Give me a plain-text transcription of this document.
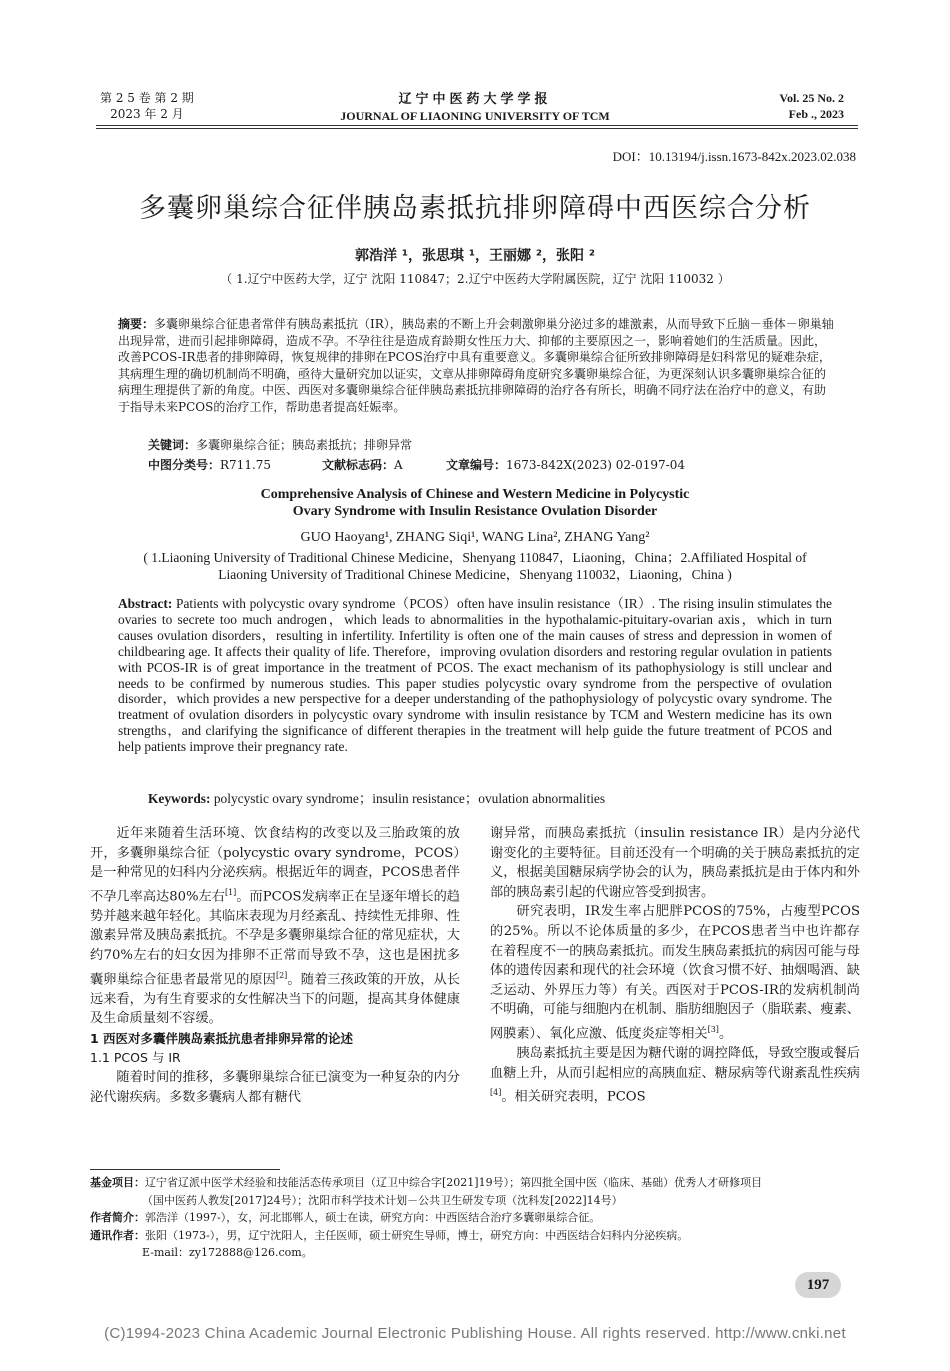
第 2 5 卷 第 2 期
2023 年 2 月
辽宁中医药大学学报
JOURNAL OF LIAONING UNIVERSITY OF TCM
Vol. 25 No. 2
Feb ., 2023
DOI：10.13194/j.issn.1673-842x.2023.02.038
多囊卵巢综合征伴胰岛素抵抗排卵障碍中西医综合分析
郭浩洋 ¹，张思琪 ¹，王丽娜 ²，张阳 ²
（ 1.辽宁中医药大学，辽宁 沈阳 110847；2.辽宁中医药大学附属医院，辽宁 沈阳 110032 ）
摘要：多囊卵巢综合征患者常伴有胰岛素抵抗（IR），胰岛素的不断上升会刺激卵巢分泌过多的雄激素，从而导致下丘脑－垂体－卵巢轴出现异常，进而引起排卵障碍，造成不孕。不孕往往是造成育龄期女性压力大、抑郁的主要原因之一，影响着她们的生活质量。因此，改善PCOS-IR患者的排卵障碍，恢复规律的排卵在PCOS治疗中具有重要意义。多囊卵巢综合征所致排卵障碍是妇科常见的疑难杂症，其病理生理的确切机制尚不明确，亟待大量研究加以证实，文章从排卵障碍角度研究多囊卵巢综合征，为更深刻认识多囊卵巢综合征的病理生理提供了新的角度。中医、西医对多囊卵巢综合征伴胰岛素抵抗排卵障碍的治疗各有所长，明确不同疗法在治疗中的意义，有助于指导未来PCOS的治疗工作，帮助患者提高妊娠率。
关键词：多囊卵巢综合征；胰岛素抵抗；排卵异常
中图分类号：R711.75	文献标志码：A	文章编号：1673-842X(2023) 02-0197-04
Comprehensive Analysis of Chinese and Western Medicine in Polycystic
Ovary Syndrome with Insulin Resistance Ovulation Disorder
GUO Haoyang¹, ZHANG Siqi¹, WANG Lina², ZHANG Yang²
( 1.Liaoning University of Traditional Chinese Medicine，Shenyang 110847，Liaoning，China；2.Affiliated Hospital of Liaoning University of Traditional Chinese Medicine，Shenyang 110032，Liaoning，China )
Abstract: Patients with polycystic ovary syndrome（PCOS）often have insulin resistance（IR）. The rising insulin stimulates the ovaries to secrete too much androgen，which leads to abnormalities in the hypothalamic-pituitary-ovarian axis，which in turn causes ovulation disorders，resulting in infertility. Infertility is often one of the main causes of stress and depression in women of childbearing age. It affects their quality of life. Therefore，improving ovulation disorders and restoring regular ovulation in patients with PCOS-IR is of great importance in the treatment of PCOS. The exact mechanism of its pathophysiology is still unclear and needs to be confirmed by numerous studies. This paper studies polycystic ovary syndrome from the perspective of ovulation disorder，which provides a new perspective for a deeper understanding of the pathophysiology of polycystic ovary syndrome. The treatment of ovulation disorders in polycystic ovary syndrome with insulin resistance by TCM and Western medicine has its own strengths，and clarifying the significance of different therapies in the treatment will help guide the future treatment of PCOS and help patients improve their pregnancy rate.
Keywords: polycystic ovary syndrome；insulin resistance；ovulation abnormalities

近年来随着生活环境、饮食结构的改变以及三胎政策的放开，多囊卵巢综合征（polycystic ovary syndrome，PCOS）是一种常见的妇科内分泌疾病。根据近年的调查，PCOS患者伴不孕几率高达80%左右[1]。而PCOS发病率正在呈逐年增长的趋势并越来越年轻化。其临床表现为月经紊乱、持续性无排卵、性激素异常及胰岛素抵抗。不孕是多囊卵巢综合征的常见症状，大约70%左右的妇女因为排卵不正常而导致不孕，这也是困扰多囊卵巢综合征患者最常见的原因[2]。随着三孩政策的开放，从长远来看，为有生育要求的女性解决当下的问题，提高其身体健康及生命质量刻不容缓。

1 西医对多囊伴胰岛素抵抗患者排卵异常的论述

1.1 PCOS 与 IR

随着时间的推移，多囊卵巢综合征已演变为一种复杂的内分泌代谢疾病。多数多囊病人都有糖代

谢异常，而胰岛素抵抗（insulin resistance IR）是内分泌代谢变化的主要特征。目前还没有一个明确的关于胰岛素抵抗的定义，根据美国糖尿病学协会的认为，胰岛素抵抗是由于体内和外部的胰岛素引起的代谢应答受到损害。

研究表明，IR发生率占肥胖PCOS的75%，占瘦型PCOS的25%。所以不论体质量的多少，在PCOS患者当中也许都存在着程度不一的胰岛素抵抗。而发生胰岛素抵抗的病因可能与母体的遗传因素和现代的社会环境（饮食习惯不好、抽烟喝酒、缺乏运动、外界压力等）有关。西医对于PCOS-IR的发病机制尚不明确，可能与细胞内在机制、脂肪细胞因子（脂联素、瘦素、网膜素）、氧化应激、低度炎症等相关[3]。

胰岛素抵抗主要是因为糖代谢的调控降低，导致空腹或餐后血糖上升，从而引起相应的高胰血症、糖尿病等代谢紊乱性疾病[4]。相关研究表明，PCOS

基金项目：辽宁省辽派中医学术经验和技能活态传承项目（辽卫中综合字[2021]19号）；第四批全国中医（临床、基础）优秀人才研修项目
（国中医药人教发[2017]24号）；沈阳市科学技术计划－公共卫生研发专项（沈科发[2022]14号）
作者简介：郭浩洋（1997-），女，河北邯郸人，硕士在读，研究方向：中西医结合治疗多囊卵巢综合征。
通讯作者：张阳（1973-），男，辽宁沈阳人，主任医师，硕士研究生导师，博士，研究方向：中西医结合妇科内分泌疾病。
E-mail：zy172888@126.com。
197
(C)1994-2023 China Academic Journal Electronic Publishing House. All rights reserved. http://www.cnki.net
